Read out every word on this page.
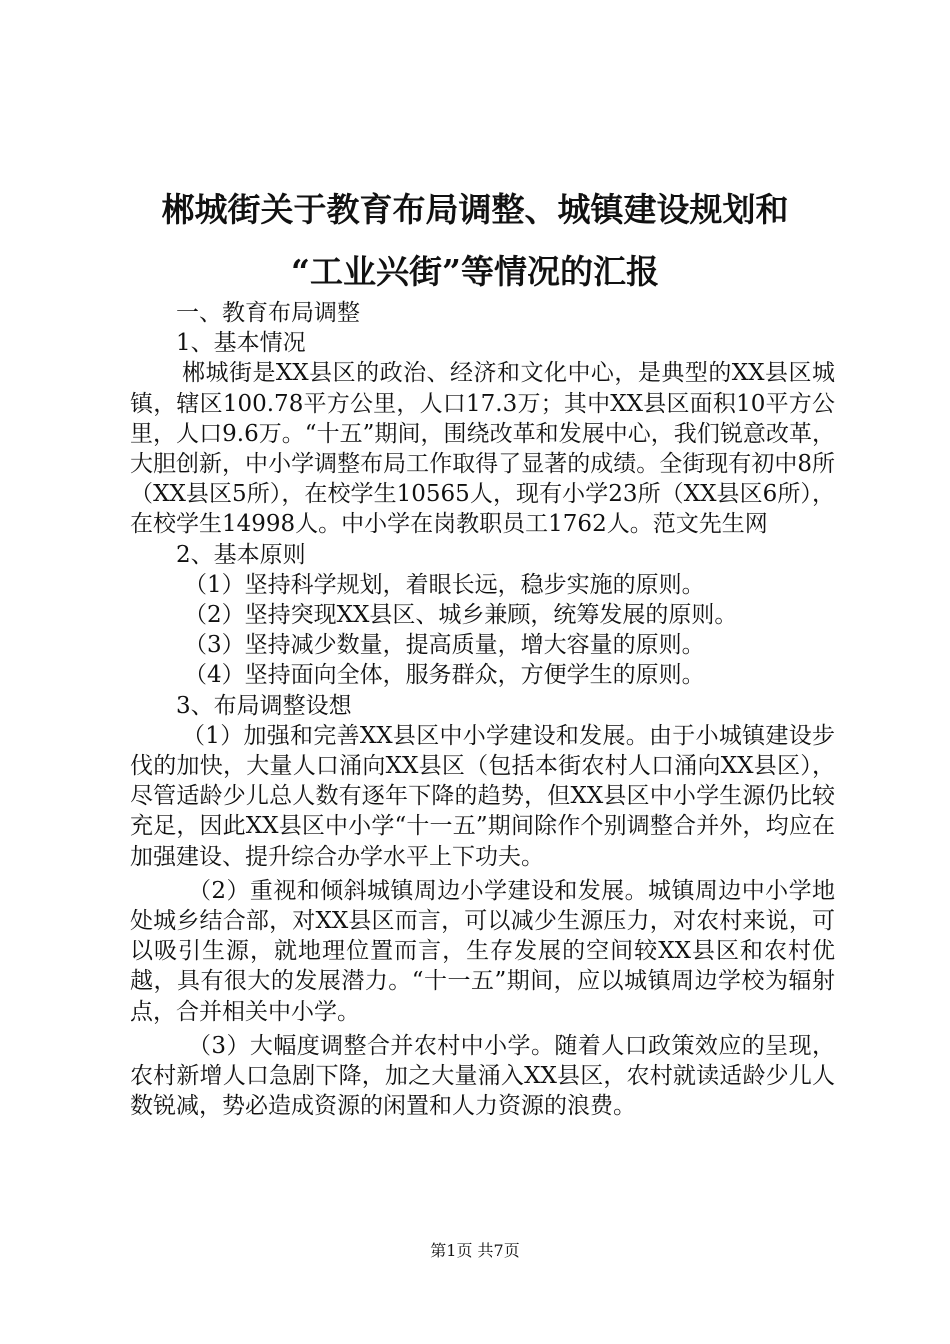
郴城街关于教育布局调整、城镇建设规划和
“工业兴街”等情况的汇报

一、教育布局调整

1、基本情况

郴城街是XX县区的政治、经济和文化中心，是典型的XX县区城镇，辖区100.78平方公里，人口17.3万；其中XX县区面积10平方公里，人口9.6万。“十五”期间，围绕改革和发展中心，我们锐意改革，大胆创新，中小学调整布局工作取得了显著的成绩。全街现有初中8所（XX县区5所），在校学生10565人，现有小学23所（XX县区6所），在校学生14998人。中小学在岗教职员工1762人。范文先生网

2、基本原则

（1）坚持科学规划，着眼长远，稳步实施的原则。

（2）坚持突现XX县区、城乡兼顾，统筹发展的原则。

（3）坚持减少数量，提高质量，增大容量的原则。

（4）坚持面向全体，服务群众，方便学生的原则。

3、布局调整设想

（1）加强和完善XX县区中小学建设和发展。由于小城镇建设步伐的加快，大量人口涌向XX县区（包括本街农村人口涌向XX县区），尽管适龄少儿总人数有逐年下降的趋势，但XX县区中小学生源仍比较充足，因此XX县区中小学“十一五”期间除作个别调整合并外，均应在加强建设、提升综合办学水平上下功夫。

（2）重视和倾斜城镇周边小学建设和发展。城镇周边中小学地处城乡结合部，对XX县区而言，可以减少生源压力，对农村来说，可以吸引生源，就地理位置而言，生存发展的空间较XX县区和农村优越，具有很大的发展潜力。“十一五”期间，应以城镇周边学校为辐射点，合并相关中小学。

（3）大幅度调整合并农村中小学。随着人口政策效应的呈现，农村新增人口急剧下降，加之大量涌入XX县区，农村就读适龄少儿人数锐减，势必造成资源的闲置和人力资源的浪费。

第1页 共7页
